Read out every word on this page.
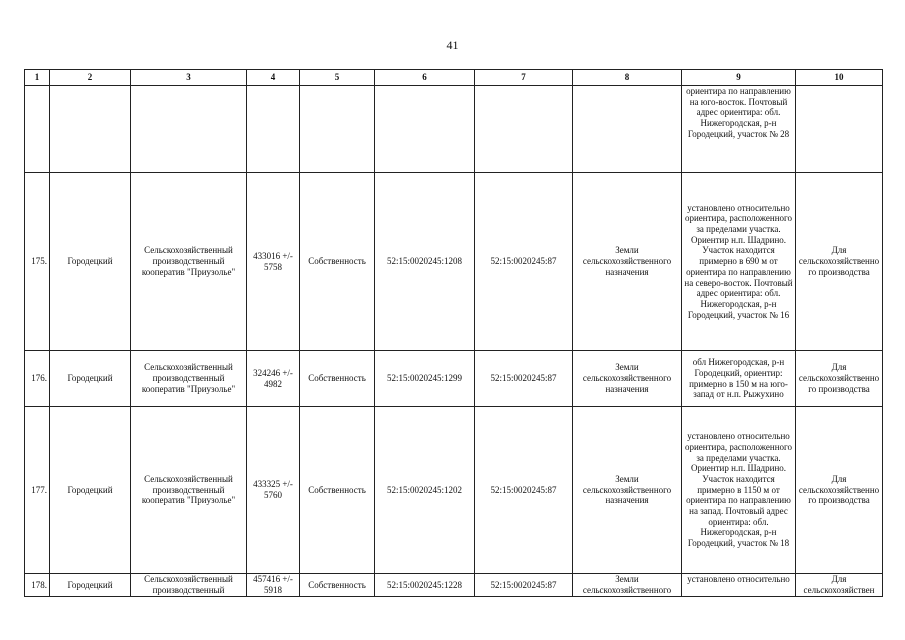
41
1	2	3	4	5	6	7	8	9	10
								ориентира по направлению на юго-восток. Почтовый адрес ориентира: обл. Нижегородская, р-н Городецкий, участок № 28	
175.	Городецкий	Сельскохозяйственный производственный кооператив "Приузолье"	433016 +/- 5758	Собственность	52:15:0020245:1208	52:15:0020245:87	Земли сельскохозяйственного назначения	установлено относительно ориентира, расположенного за пределами участка. Ориентир н.п. Шадрино. Участок находится примерно в 690 м от ориентира по направлению на северо-восток. Почтовый адрес ориентира: обл. Нижегородская, р-н Городецкий, участок № 16	Для сельскохозяйственного производства
176.	Городецкий	Сельскохозяйственный производственный кооператив "Приузолье"	324246 +/- 4982	Собственность	52:15:0020245:1299	52:15:0020245:87	Земли сельскохозяйственного назначения	обл Нижегородская, р-н Городецкий, ориентир: примерно в 150 м на юго-запад от н.п. Рыжухино	Для сельскохозяйственного производства
177.	Городецкий	Сельскохозяйственный производственный кооператив "Приузолье"	433325 +/- 5760	Собственность	52:15:0020245:1202	52:15:0020245:87	Земли сельскохозяйственного назначения	установлено относительно ориентира, расположенного за пределами участка. Ориентир н.п. Шадрино. Участок находится примерно в 1150 м от ориентира по направлению на запад. Почтовый адрес ориентира: обл. Нижегородская, р-н Городецкий, участок № 18	Для сельскохозяйственного производства
178.	Городецкий	Сельскохозяйственный производственный	457416 +/- 5918	Собственность	52:15:0020245:1228	52:15:0020245:87	Земли сельскохозяйственного	установлено относительно	Для сельскохозяйствен
